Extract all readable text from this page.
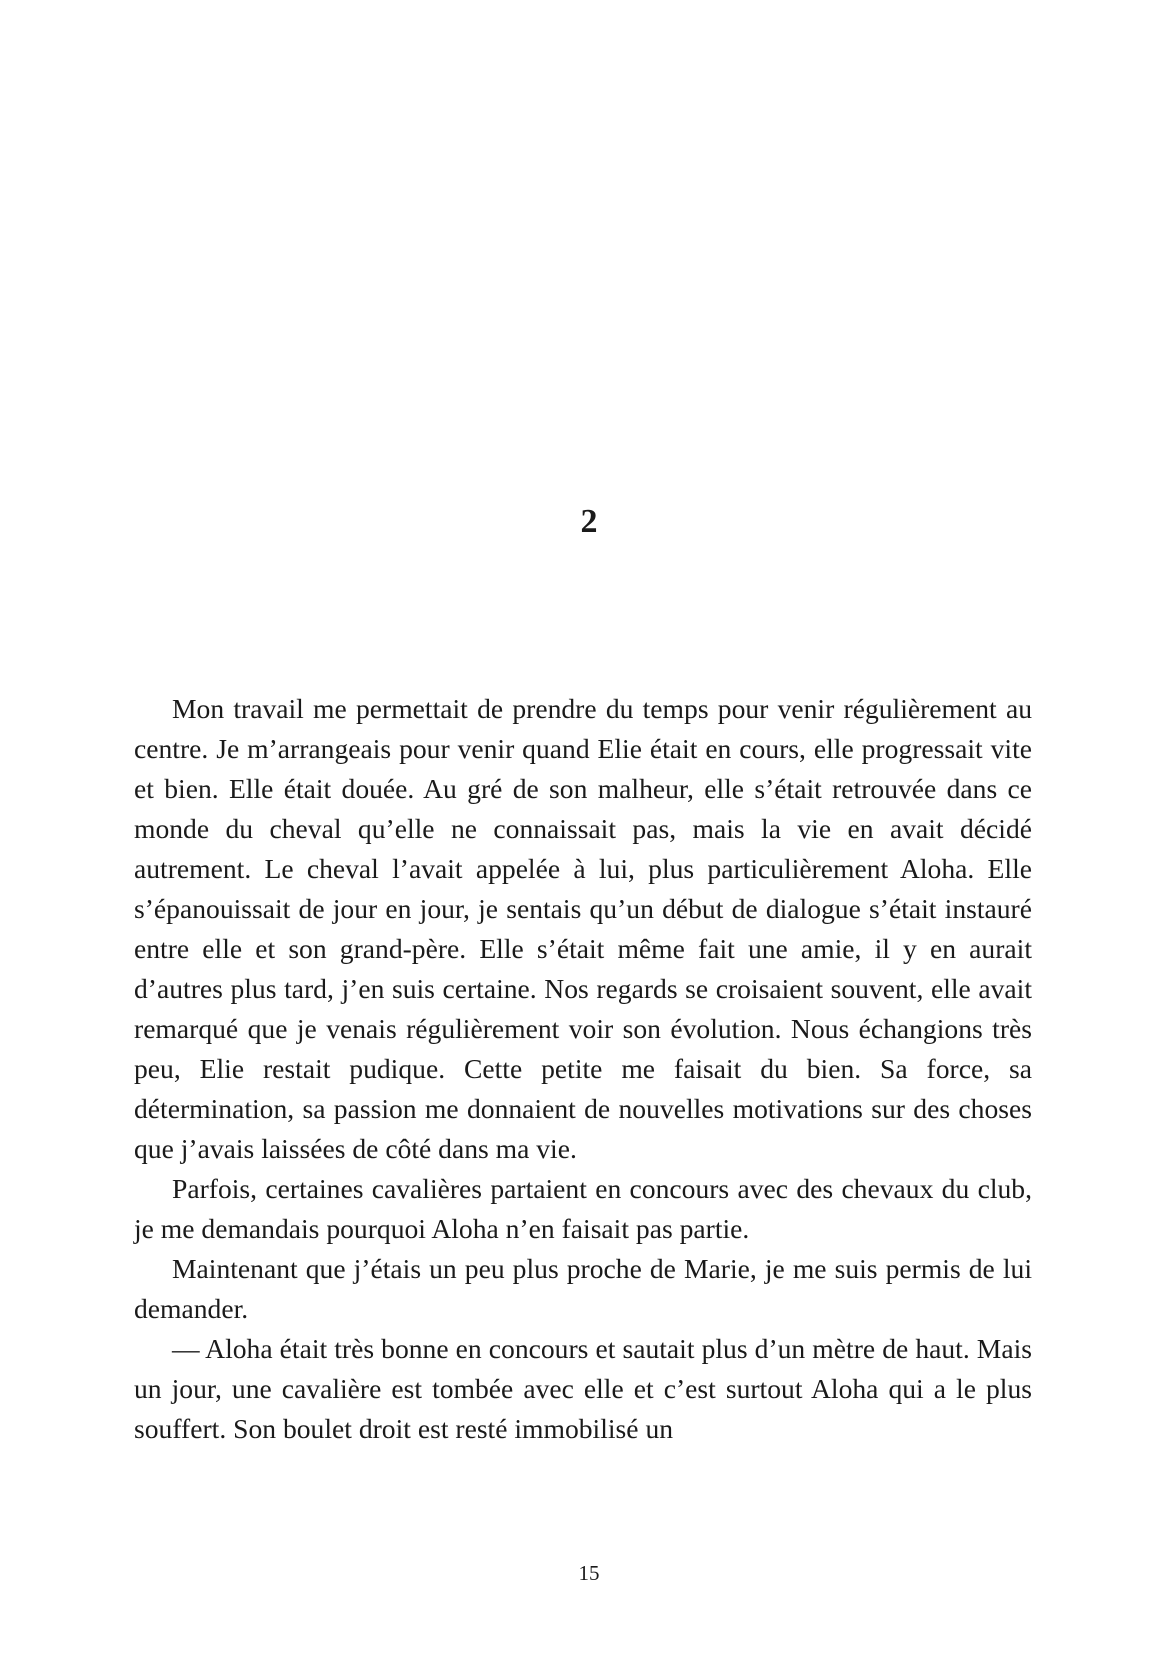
2

Mon travail me permettait de prendre du temps pour venir régulièrement au centre. Je m’arrangeais pour venir quand Elie était en cours, elle progressait vite et bien. Elle était douée. Au gré de son malheur, elle s’était retrouvée dans ce monde du cheval qu’elle ne connaissait pas, mais la vie en avait décidé autrement. Le cheval l’avait appelée à lui, plus particulièrement Aloha. Elle s’épanouissait de jour en jour, je sentais qu’un début de dialogue s’était instauré entre elle et son grand-père. Elle s’était même fait une amie, il y en aurait d’autres plus tard, j’en suis certaine. Nos regards se croisaient souvent, elle avait remarqué que je venais régulièrement voir son évolution. Nous échangions très peu, Elie restait pudique. Cette petite me faisait du bien. Sa force, sa détermination, sa passion me donnaient de nouvelles motivations sur des choses que j’avais laissées de côté dans ma vie.

Parfois, certaines cavalières partaient en concours avec des chevaux du club, je me demandais pourquoi Aloha n’en faisait pas partie.

Maintenant que j’étais un peu plus proche de Marie, je me suis permis de lui demander.

— Aloha était très bonne en concours et sautait plus d’un mètre de haut. Mais un jour, une cavalière est tombée avec elle et c’est surtout Aloha qui a le plus souffert. Son boulet droit est resté immobilisé un

15
